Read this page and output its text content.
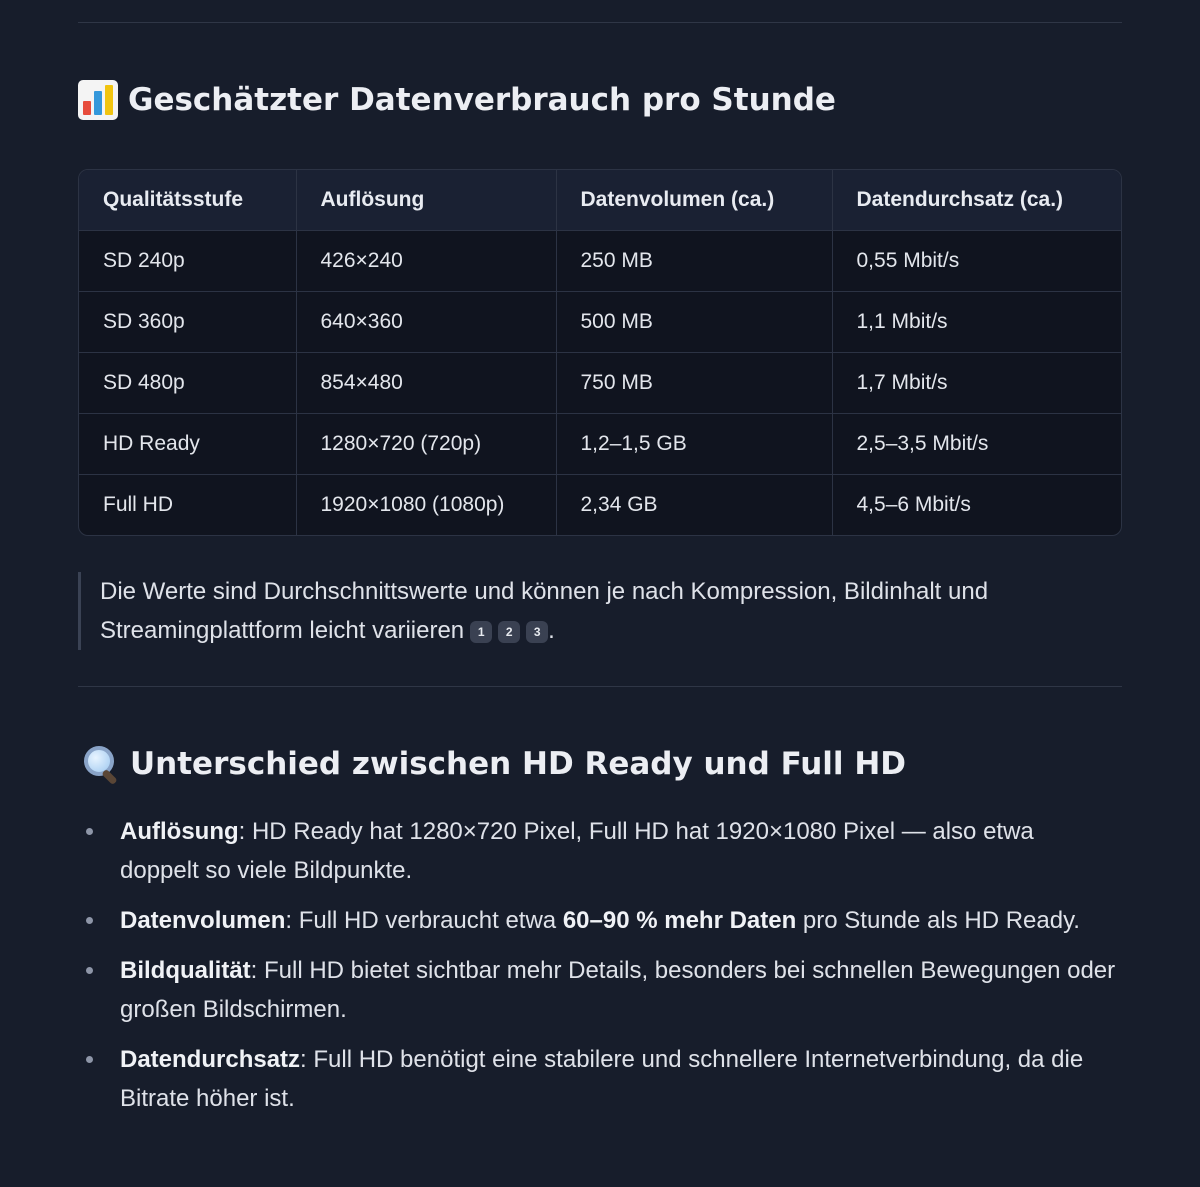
Geschätzter Datenverbrauch pro Stunde
Qualitätsstufe	Auflösung	Datenvolumen (ca.)	Datendurchsatz (ca.)
SD 240p	426×240	250 MB	0,55 Mbit/s
SD 360p	640×360	500 MB	1,1 Mbit/s
SD 480p	854×480	750 MB	1,7 Mbit/s
HD Ready	1280×720 (720p)	1,2–1,5 GB	2,5–3,5 Mbit/s
Full HD	1920×1080 (1080p)	2,34 GB	4,5–6 Mbit/s
Die Werte sind Durchschnittswerte und können je nach Kompression, Bildinhalt und Streamingplattform leicht variieren 1 2 3 .
Unterschied zwischen HD Ready und Full HD
Auflösung: HD Ready hat 1280×720 Pixel, Full HD hat 1920×1080 Pixel — also etwa doppelt so viele Bildpunkte.
Datenvolumen: Full HD verbraucht etwa 60–90 % mehr Daten pro Stunde als HD Ready.
Bildqualität: Full HD bietet sichtbar mehr Details, besonders bei schnellen Bewegungen oder großen Bildschirmen.
Datendurchsatz: Full HD benötigt eine stabilere und schnellere Internetverbindung, da die Bitrate höher ist.
